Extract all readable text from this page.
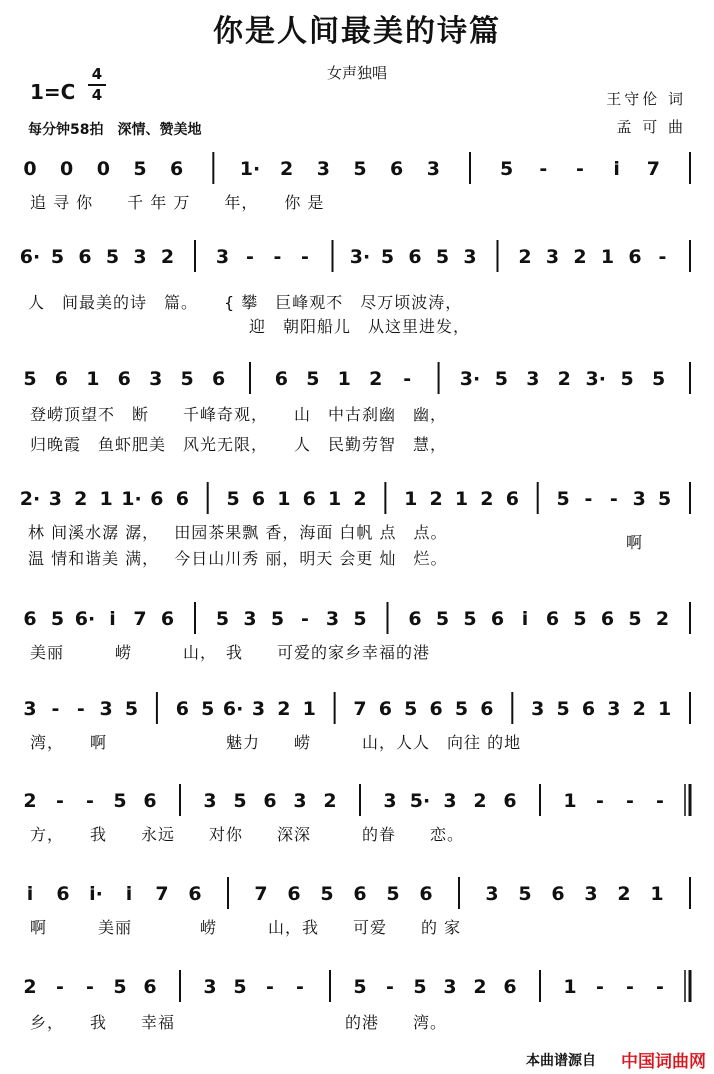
你是人间最美的诗篇
女声独唱
1=C
4
4
每分钟58拍　深情、赞美地
王守伦 词
孟 可 曲
0 0 0 5 6	1· 2 3 5 6 3	5 - - i 7
追 寻 你　　千 年 万　　年，　　你 是
6· 5 6 5 3 2 3 - - - 3· 5 6 5 3 2 3 2 1 6 -
人　间最美的诗　篇。　　{ 攀　巨峰观不　尽万顷波涛，
　　　　　　　　　　　　　迎　朝阳船儿　从这里进发，
5 6 1 6 3 5 6	6 5 1 2 -	3· 5 3 2 3· 5 5
登崂顶望不　断　　千峰奇观，　　山　中古刹幽　幽，
归晚霞　鱼虾肥美　风光无限，　　人　民勤劳智　慧，
2· 3 2 1 1· 6 6 5 6 1 6 1 2 1 2 1 2 6 5 - - 3 5
林 间溪水潺 潺，　 田园茶果飘 香，海面 白帆 点　点。
温 情和谐美 满，　 今日山川秀 丽，明天 会更 灿　烂。
啊
6 5 6· i 7 6 5 3 5 - 3 5 6 5 5 6 i 6 5 6 5 2
美丽　　　崂　　　山，　我　　可爱的家乡幸福的港
3 - - 3 5 6 5 6· 3 2 1 7 6 5 6 5 6 3 5 6 3 2 1
湾，　　啊　　　　　　　魅力　　崂　　　山，人人　向往 的地
2 - - 5 6 3 5 6 3 2 3 5· 3 2 6 1 - - -
方，　　我　　永远　　对你　　深深　　　的眷　　恋。
i 6 i· i 7 6	7 6 5 6 5 6	3 5 6 3 2 1
啊　　　美丽　　　　崂　　　山，我　　可爱　　的 家
2 - - 5 6 3 5 - -	5 - 5 3 2 6 1 - - -
乡，　　我　　幸福　　　　　　　　　　的港　　湾。
本曲谱源自 中国词曲网
